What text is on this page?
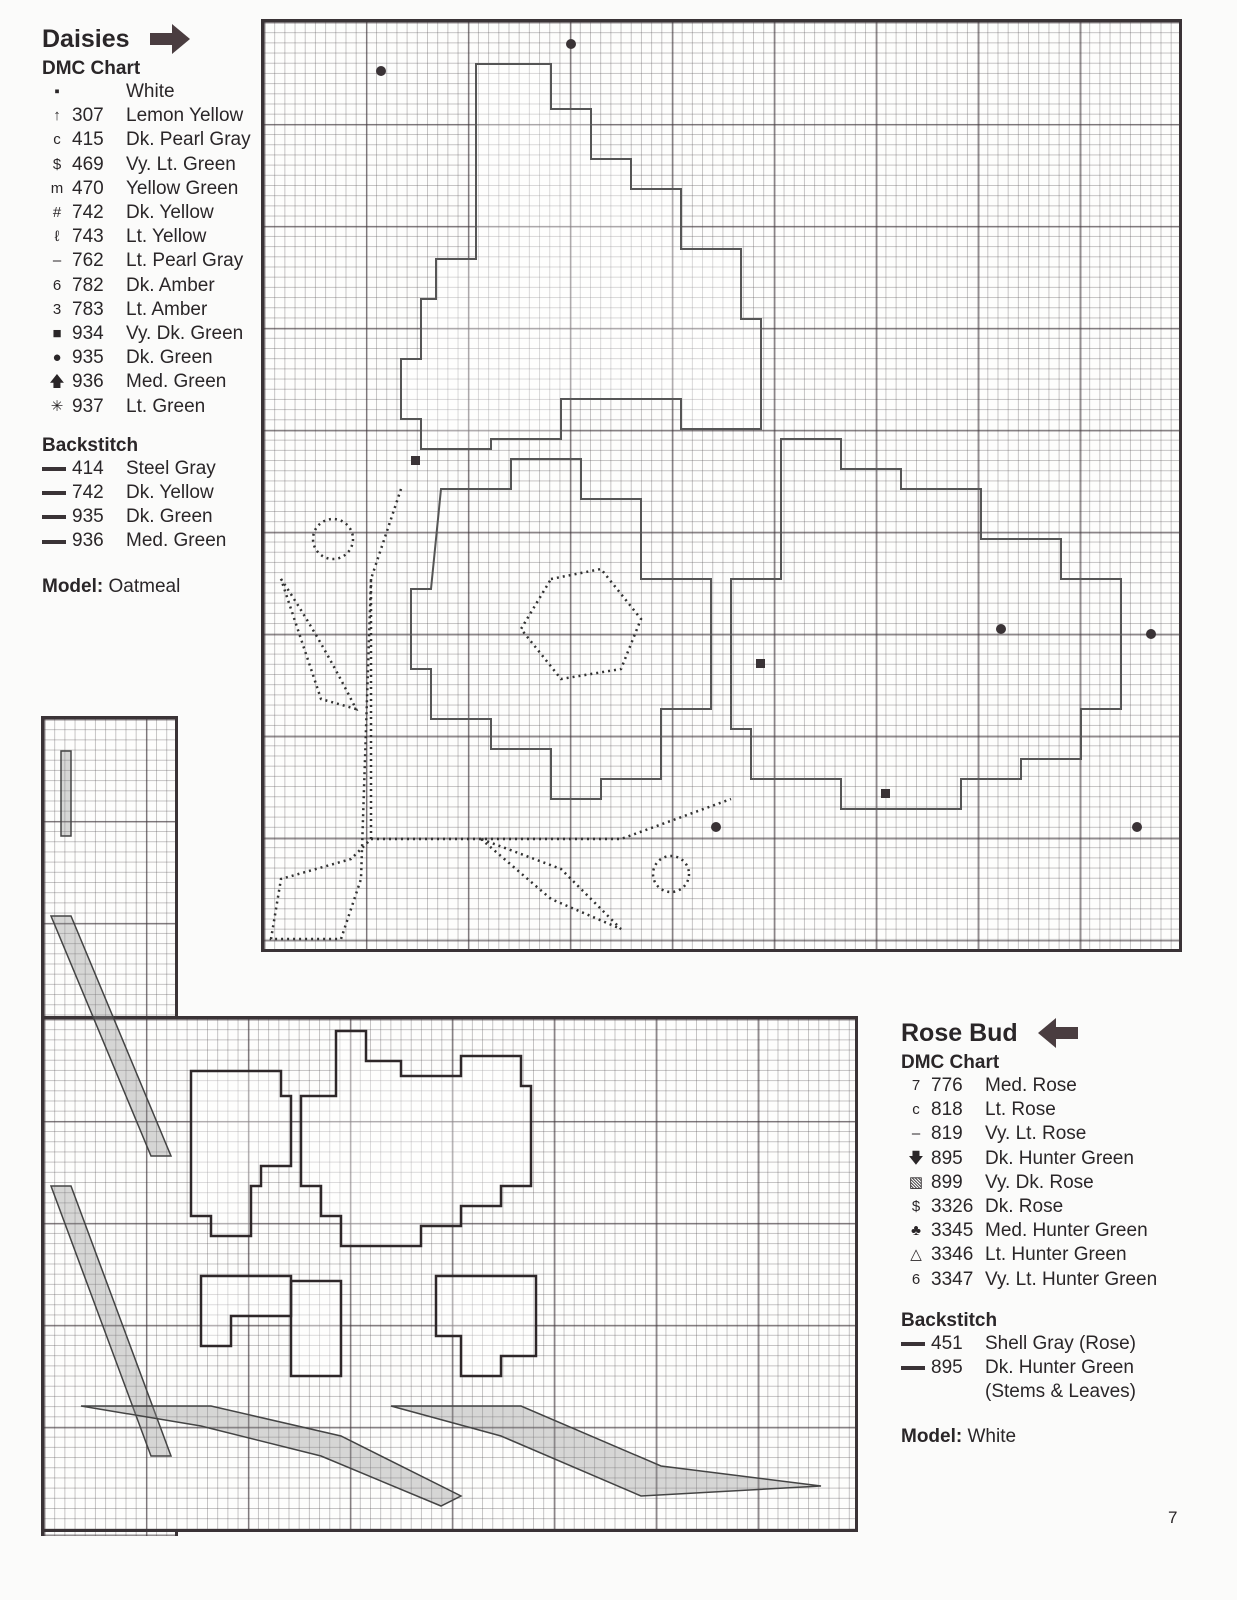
Daisies
DMC Chart
▪	White
↑ 307	Lemon Yellow
c 415	Dk. Pearl Gray
$ 469	Vy. Lt. Green
m 470	Yellow Green
# 742	Dk. Yellow
ℓ 743	Lt. Yellow
– 762	Lt. Pearl Gray
6 782	Dk. Amber
3 783	Lt. Amber
■ 934	Vy. Dk. Green
● 935	Dk. Green
🡅 936	Med. Green
✳ 937	Lt. Green
Backstitch
414	Steel Gray
742	Dk. Yellow
935	Dk. Green
936	Med. Green
Model: Oatmeal
Rose Bud
DMC Chart
7 776	Med. Rose
c 818	Lt. Rose
– 819	Vy. Lt. Rose
🡇 895	Dk. Hunter Green
▧ 899	Vy. Dk. Rose
$ 3326 Dk. Rose
♣ 3345 Med. Hunter Green
△ 3346 Lt. Hunter Green
6 3347 Vy. Lt. Hunter Green
Backstitch
451	Shell Gray (Rose)
895	Dk. Hunter Green
(Stems & Leaves)
Model: White
7
